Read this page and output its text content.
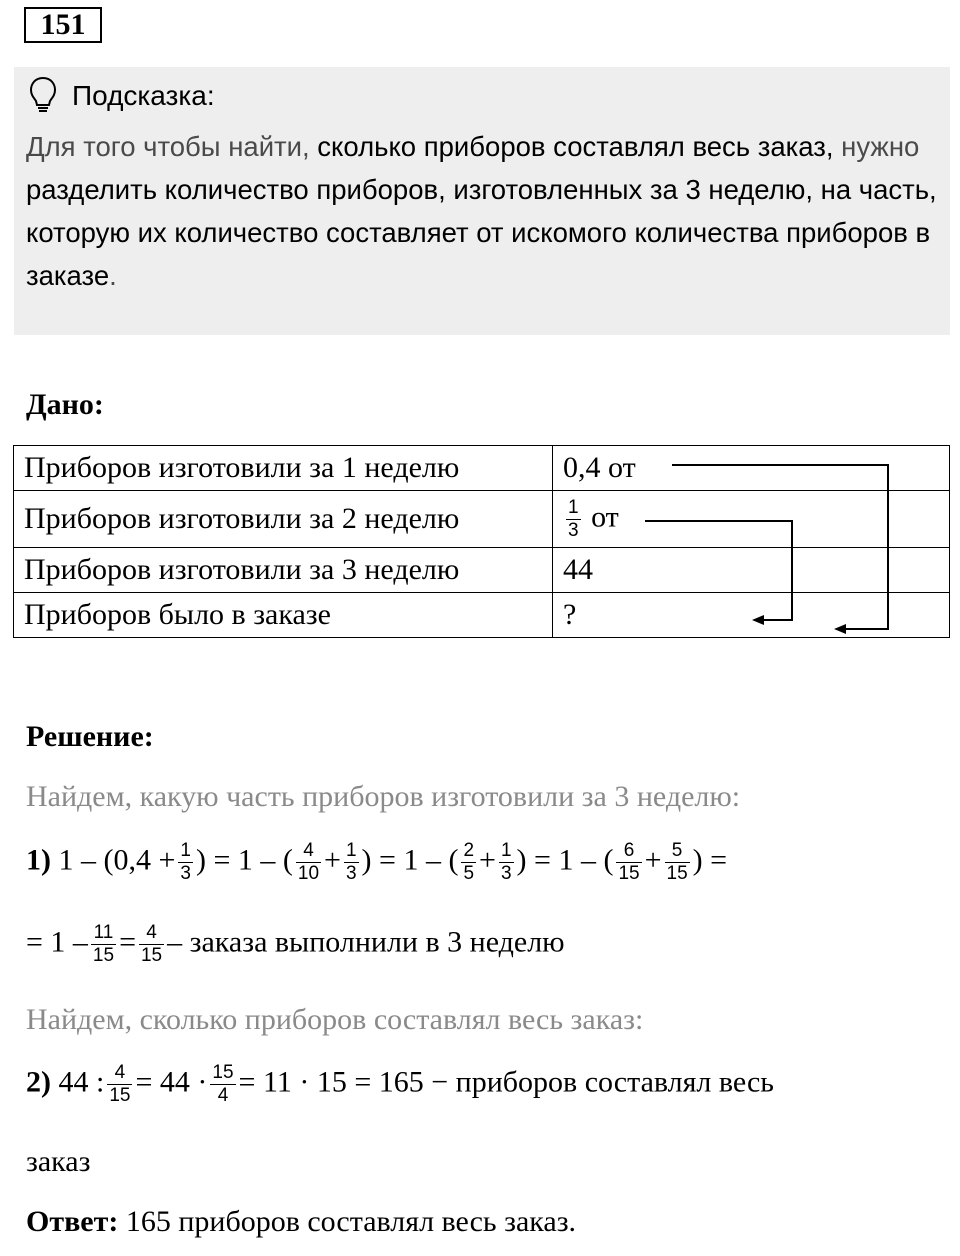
151
Подсказка:
Для того чтобы найти, сколько приборов составлял весь заказ, нужно разделить количество приборов, изготовленных за 3 неделю, на часть, которую их количество составляет от искомого количества приборов в заказе.
Дано:
Приборов изготовили за 1 неделю	0,4 от
Приборов изготовили за 2 неделю	$\frac{1}{3}$ от
Приборов изготовили за 3 неделю	44
Приборов было в заказе	?
Решение:
Найдем, какую часть приборов изготовили за 3 неделю:
1) $1 - (0,4 + \frac{1}{3}$ ) = 1 – ( $\frac{4}{10} + \frac{1}{3}$ ) = 1 – ( $\frac{2}{5} + \frac{1}{3}$ ) = 1 – ( $\frac{6}{15} + \frac{5}{15}$ ) =
= $1 - \frac{11}{15} = \frac{4}{15}$ – заказа выполнили в 3 неделю
Найдем, сколько приборов составлял весь заказ:
2) 44 : $\frac{4}{15} = 44 \cdot \frac{15}{4} = 11 \cdot 15 = 165$ − приборов составлял весь
заказ
Ответ: 165 приборов составлял весь заказ.
